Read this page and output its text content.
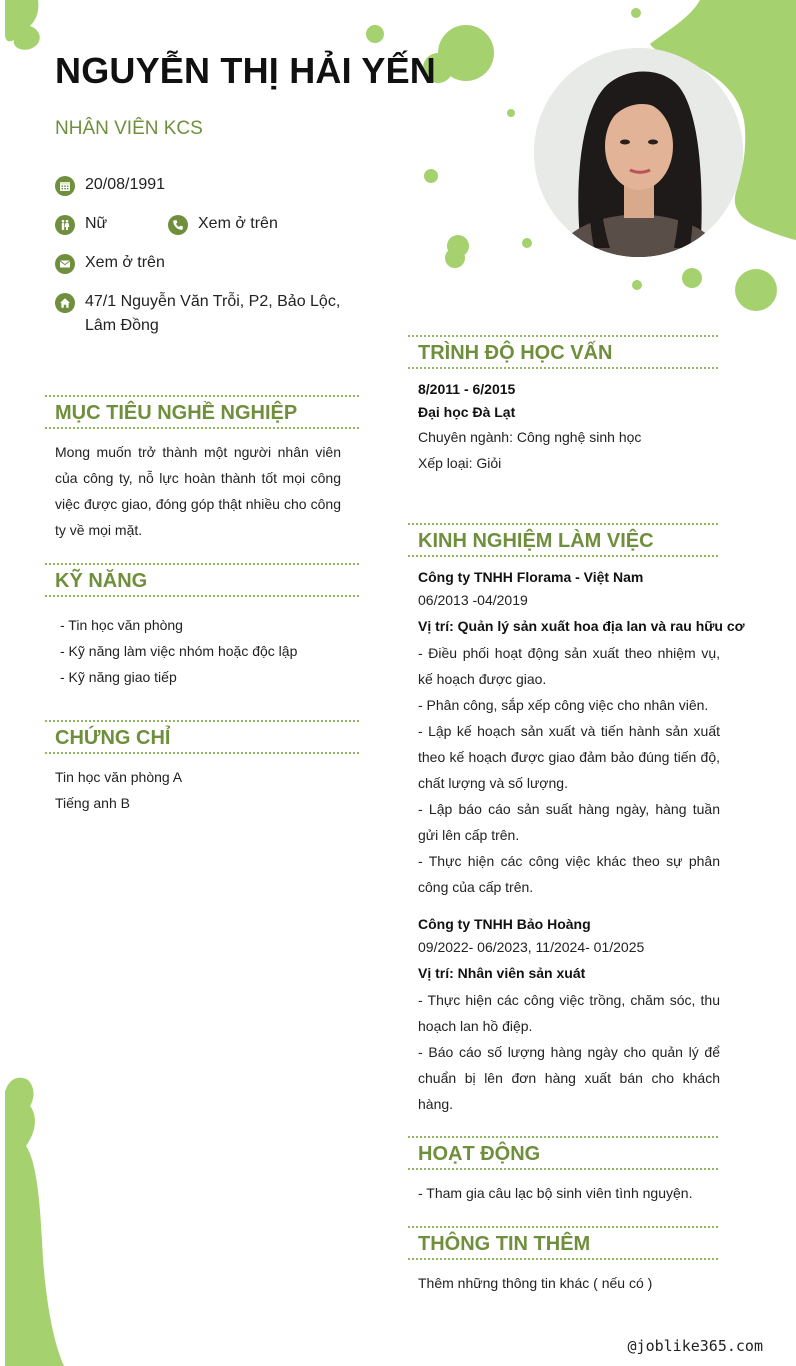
NGUYỄN THỊ HẢI YẾN
NHÂN VIÊN KCS
20/08/1991
Nữ	Xem ở trên
Xem ở trên
47/1 Nguyễn Văn Trỗi, P2, Bảo Lộc,
Lâm Đồng
MỤC TIÊU NGHỀ NGHIỆP
Mong muốn trở thành một người nhân viên của công ty, nỗ lực hoàn thành tốt mọi công việc được giao, đóng góp thật nhiều cho công ty về mọi mặt.
KỸ NĂNG
- Tin học văn phòng
- Kỹ năng làm việc nhóm hoặc độc lập
- Kỹ năng giao tiếp
CHỨNG CHỈ
Tin học văn phòng A
Tiếng anh B
TRÌNH ĐỘ HỌC VẤN
8/2011 - 6/2015
Đại học Đà Lạt
Chuyên ngành: Công nghệ sinh học
Xếp loại: Giỏi
KINH NGHIỆM LÀM VIỆC
Công ty TNHH Florama - Việt Nam
06/2013 -04/2019
Vị trí: Quản lý sản xuất hoa địa lan và rau hữu cơ
- Điều phối hoạt động sản xuất theo nhiệm vụ, kế hoạch được giao.
- Phân công, sắp xếp công việc cho nhân viên.
- Lập kế hoạch sản xuất và tiến hành sản xuất theo kế hoạch được giao đảm bảo đúng tiến độ, chất lượng và số lượng.
- Lập báo cáo sản suất hàng ngày, hàng tuần gửi lên cấp trên.
- Thực hiện các công việc khác theo sự phân công của cấp trên.
Công ty TNHH Bảo Hoàng
09/2022- 06/2023, 11/2024- 01/2025
Vị trí: Nhân viên sản xuát
- Thực hiện các công việc trồng, chăm sóc, thu hoạch lan hồ điệp.
- Báo cáo số lượng hàng ngày cho quản lý để chuẩn bị lên đơn hàng xuất bán cho khách hàng.
HOẠT ĐỘNG
- Tham gia câu lạc bộ sinh viên tình nguyện.
THÔNG TIN THÊM
Thêm những thông tin khác ( nếu có )
@joblike365.com
